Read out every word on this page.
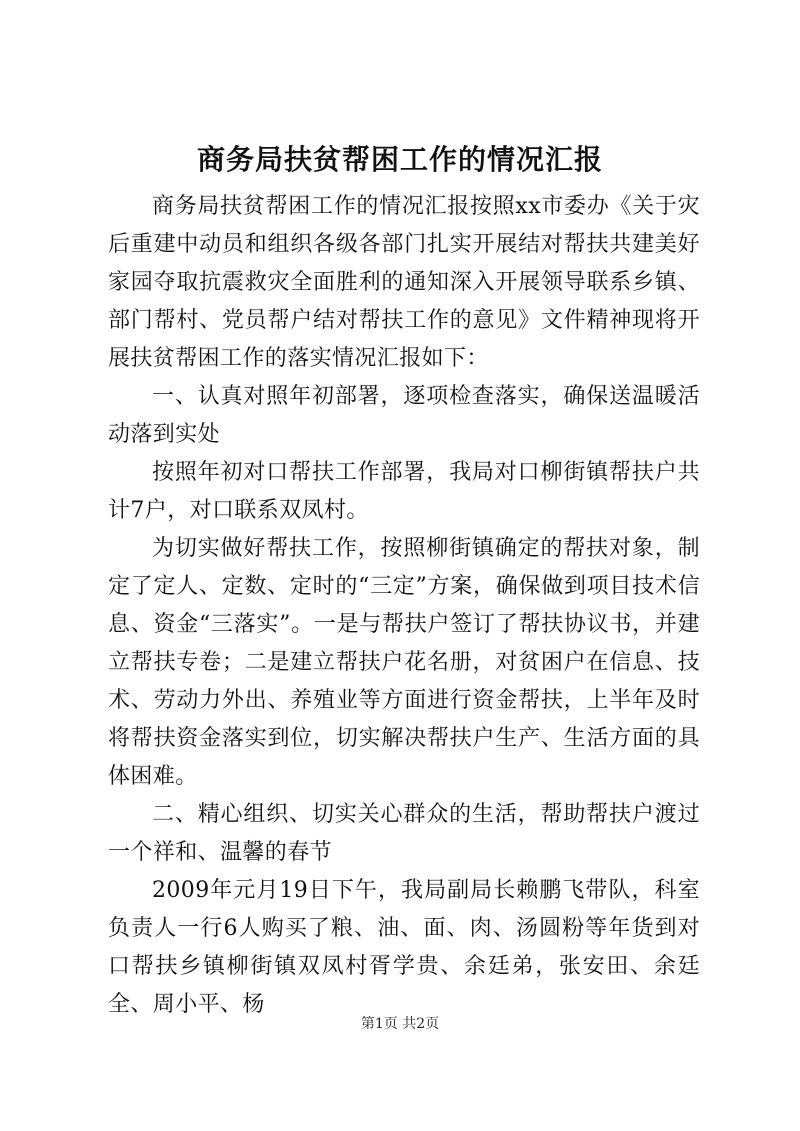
商务局扶贫帮困工作的情况汇报

商务局扶贫帮困工作的情况汇报按照xx市委办《关于灾后重建中动员和组织各级各部门扎实开展结对帮扶共建美好家园夺取抗震救灾全面胜利的通知深入开展领导联系乡镇、部门帮村、党员帮户结对帮扶工作的意见》文件精神现将开展扶贫帮困工作的落实情况汇报如下：

一、认真对照年初部署，逐项检查落实，确保送温暖活动落到实处

按照年初对口帮扶工作部署，我局对口柳街镇帮扶户共计7户，对口联系双凤村。

为切实做好帮扶工作，按照柳街镇确定的帮扶对象，制定了定人、定数、定时的“三定”方案，确保做到项目技术信息、资金“三落实”。一是与帮扶户签订了帮扶协议书，并建立帮扶专卷；二是建立帮扶户花名册，对贫困户在信息、技术、劳动力外出、养殖业等方面进行资金帮扶，上半年及时将帮扶资金落实到位，切实解决帮扶户生产、生活方面的具体困难。

二、精心组织、切实关心群众的生活，帮助帮扶户渡过一个祥和、温馨的春节

2009年元月19日下午，我局副局长赖鹏飞带队，科室负责人一行6人购买了粮、油、面、肉、汤圆粉等年货到对口帮扶乡镇柳街镇双凤村胥学贵、余廷弟，张安田、余廷全、周小平、杨

第1页 共2页
